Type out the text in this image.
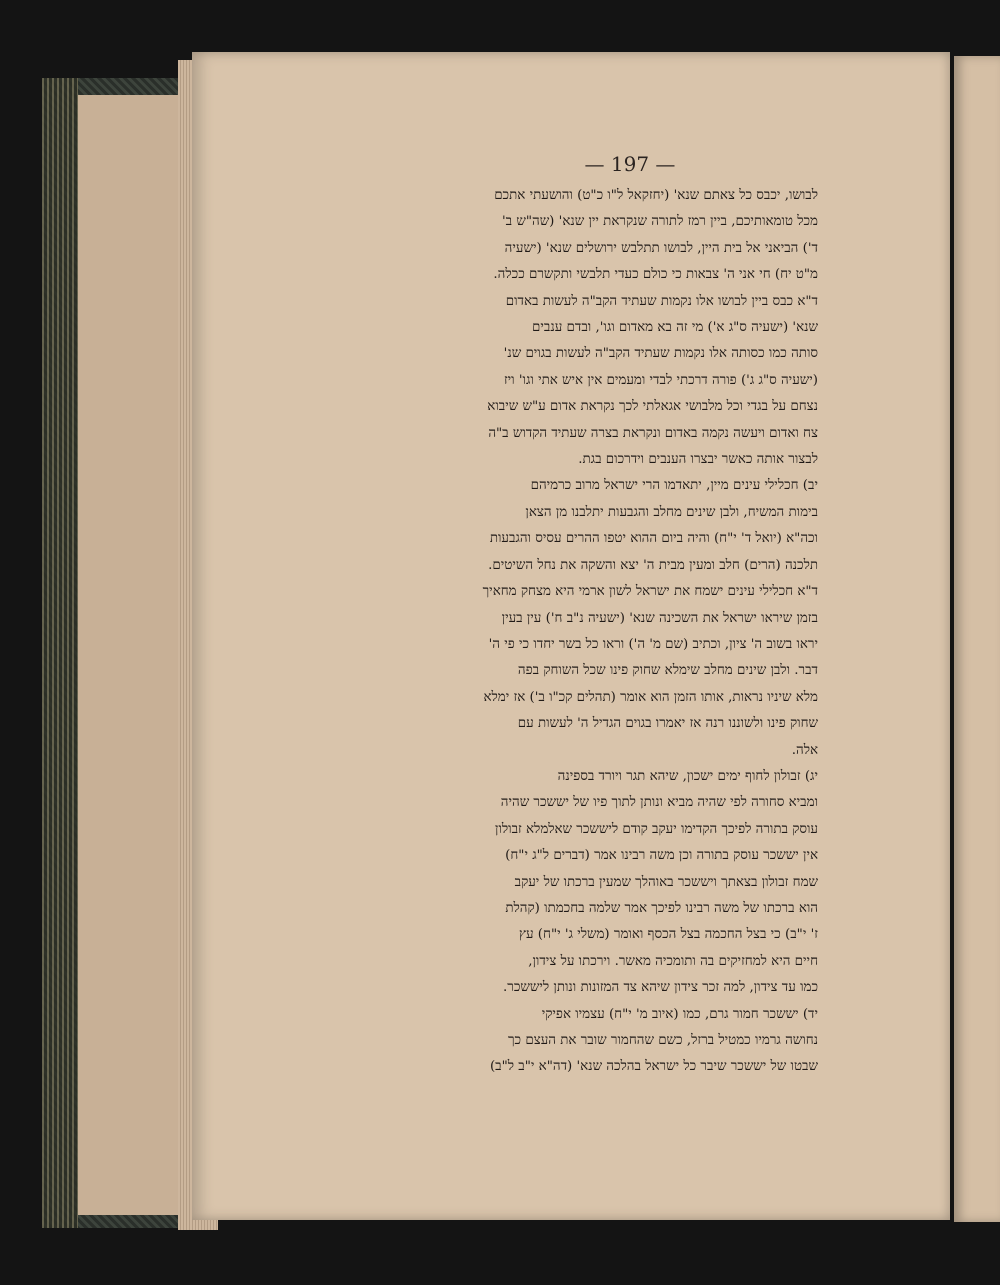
— 197 —
לבושו, יכבס כל צאתם שנא' (יחזקאל ל"ו כ"ט) והושעתי אתכם
מכל טומאותיכם, ביין רמז לתורה שנקראת יין שנא' (שה"ש ב'
ד') הביאני אל בית היין, לבושו תתלבש ירושלים שנא' (ישעיה
מ"ט יח) חי אני ה' צבאות כי כולם כעדי תלבשי ותקשרם ככלה.
ד"א כבס ביין לבושו אלו נקמות שעתיד הקב"ה לעשות באדום
שנא' (ישעיה ס"ג א') מי זה בא מאדום וגו', ובדם ענבים
סותה כמו כסותה אלו נקמות שעתיד הקב"ה לעשות בגוים שנ'
(ישעיה ס"ג ג') פורה דרכתי לבדי ומעמים אין איש אתי וגו' ויז
נצחם על בגדי וכל מלבושי אגאלתי לכך נקראת אדום ע"ש שיבוא
צח ואדום ויעשה נקמה באדום ונקראת בצרה שעתיד הקדוש ב"ה
לבצור אותה כאשר יבצרו הענבים וידרכום בגת.
יב) חכלילי עינים מיין, יתאדמו הרי ישראל מרוב כרמיהם
בימות המשיח, ולבן שינים מחלב והגבעות יתלבנו מן הצאן
וכה"א (יואל ד' י"ח) והיה ביום ההוא יטפו ההרים עסיס והגבעות
תלכנה (הרים) חלב ומעין מבית ה' יצא והשקה את נחל השיטים.
ד"א חכלילי עינים ישמח את ישראל לשון ארמי היא מצחק מחאיך
בזמן שיראו ישראל את השכינה שנא' (ישעיה נ"ב ח') עין בעין
יראו בשוב ה' ציון, וכתיב (שם מ' ה') וראו כל בשר יחדו כי פי ה'
דבר. ולבן שינים מחלב שימלא שחוק פינו שכל השוחק בפה
מלא שיניו נראות, אותו הזמן הוא אומר (תהלים קכ"ו ב') אז ימלא
שחוק פינו ולשוננו רנה אז יאמרו בגוים הגדיל ה' לעשות עם
אלה.
יג) זבולון לחוף ימים ישכון, שיהא תגר ויורד בספינה
ומביא סחורה לפי שהיה מביא ונותן לתוך פיו של יששכר שהיה
עוסק בתורה לפיכך הקדימו יעקב קודם ליששכר שאלמלא זבולון
אין יששכר עוסק בתורה וכן משה רבינו אמר (דברים ל"ג י"ח)
שמח זבולון בצאתך ויששכר באוהלך שמעין ברכתו של יעקב
הוא ברכתו של משה רבינו לפיכך אמר שלמה בחכמתו (קהלת
ז' י"ב) כי בצל החכמה בצל הכסף ואומר (משלי ג' י"ח) עץ
חיים היא למחזיקים בה ותומכיה מאשר. וירכתו על צידון,
כמו עד צידון, למה זכר צידון שיהא צד המזונות ונותן ליששכר.
יד) יששכר חמור גרם, כמו (איוב מ' י"ח) עצמיו אפיקי
נחושה גרמיו כמטיל ברזל, כשם שהחמור שובר את העצם כך
שבטו של יששכר שיבר כל ישראל בהלכה שנא' (דה"א י"ב ל"ב)
